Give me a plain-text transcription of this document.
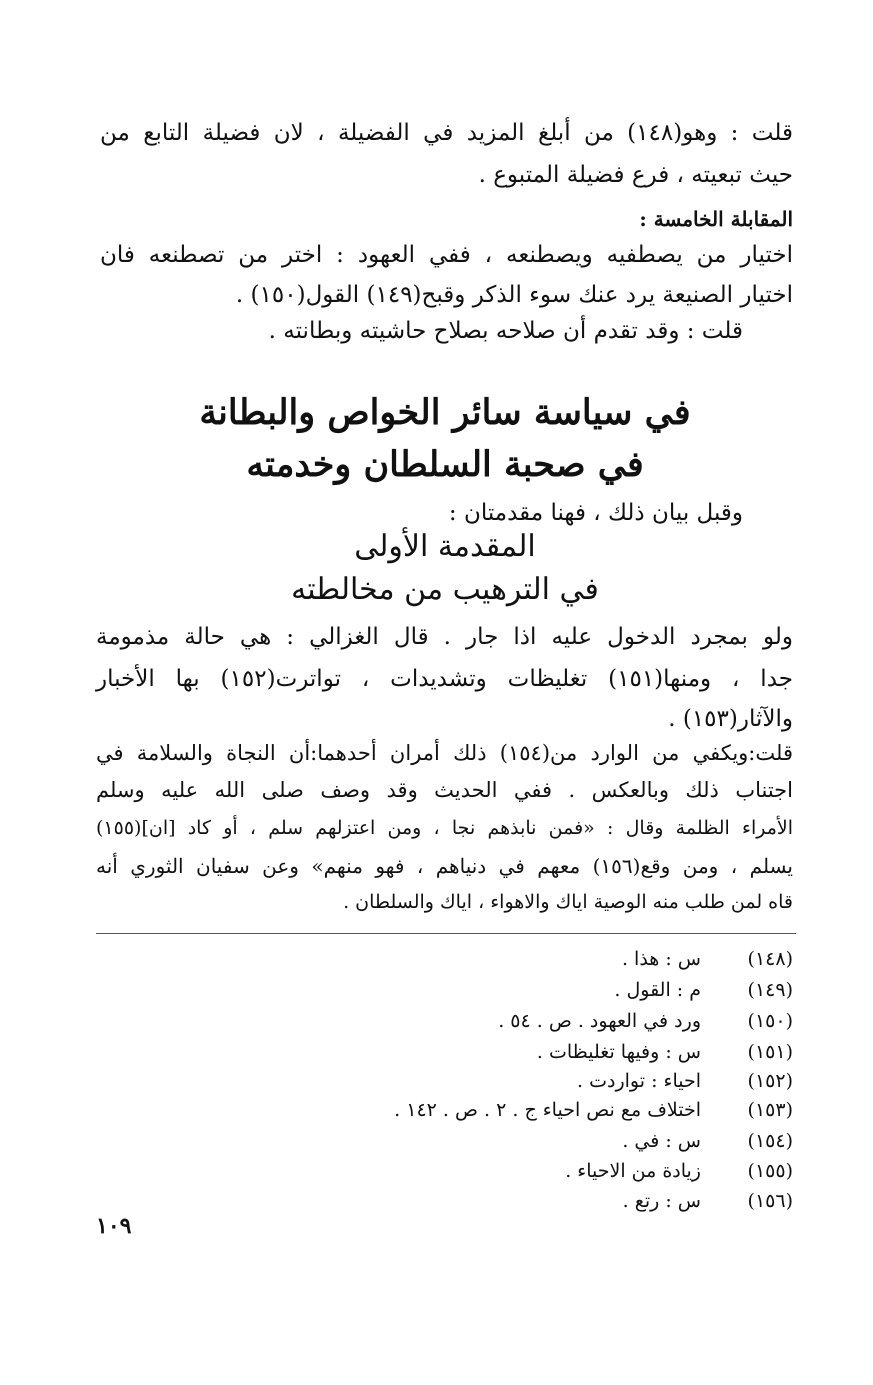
قلت : وهو(١٤٨) من أبلغ المزيد في الفضيلة ، لان فضيلة التابع من
حيث تبعيته ، فرع فضيلة المتبوع .
المقابلة الخامسة :
اختيار من يصطفيه ويصطنعه ، ففي العهود : اختر من تصطنعه فان
اختيار الصنيعة يرد عنك سوء الذكر وقبح(١٤٩) القول(١٥٠) .
قلت : وقد تقدم أن صلاحه بصلاح حاشيته وبطانته .
في سياسة سائر الخواص والبطانة
في صحبة السلطان وخدمته
وقبل بيان ذلك ، فهنا مقدمتان :
المقدمة الأولى
في الترهيب من مخالطته
ولو بمجرد الدخول عليه اذا جار . قال الغزالي : هي حالة مذمومة
جدا ، ومنها(١٥١) تغليظات وتشديدات ، تواترت(١٥٢) بها الأخبار
والآثار(١٥٣) .
قلت:ويكفي من الوارد من(١٥٤) ذلك أمران أحدهما:أن النجاة والسلامة في
اجتناب ذلك وبالعكس . ففي الحديث وقد وصف صلى الله عليه وسلم
الأمراء الظلمة وقال : «فمن نابذهم نجا ، ومن اعتزلهم سلم ، أو كاد [ان](١٥٥)
يسلم ، ومن وقع(١٥٦) معهم في دنياهم ، فهو منهم» وعن سفيان الثوري أنه
قاه لمن طلب منه الوصية اياك والاهواء ، اياك والسلطان .
(١٤٨)س : هذا .
(١٤٩)م : القول .
(١٥٠)ورد في العهود . ص . ٥٤ .
(١٥١)س : وفيها تغليظات .
(١٥٢)احياء : تواردت .
(١٥٣)اختلاف مع نص احياء ج . ٢ . ص . ١٤٢ .
(١٥٤)س : في .
(١٥٥)زيادة من الاحياء .
(١٥٦)س : رتع .
١٠٩
